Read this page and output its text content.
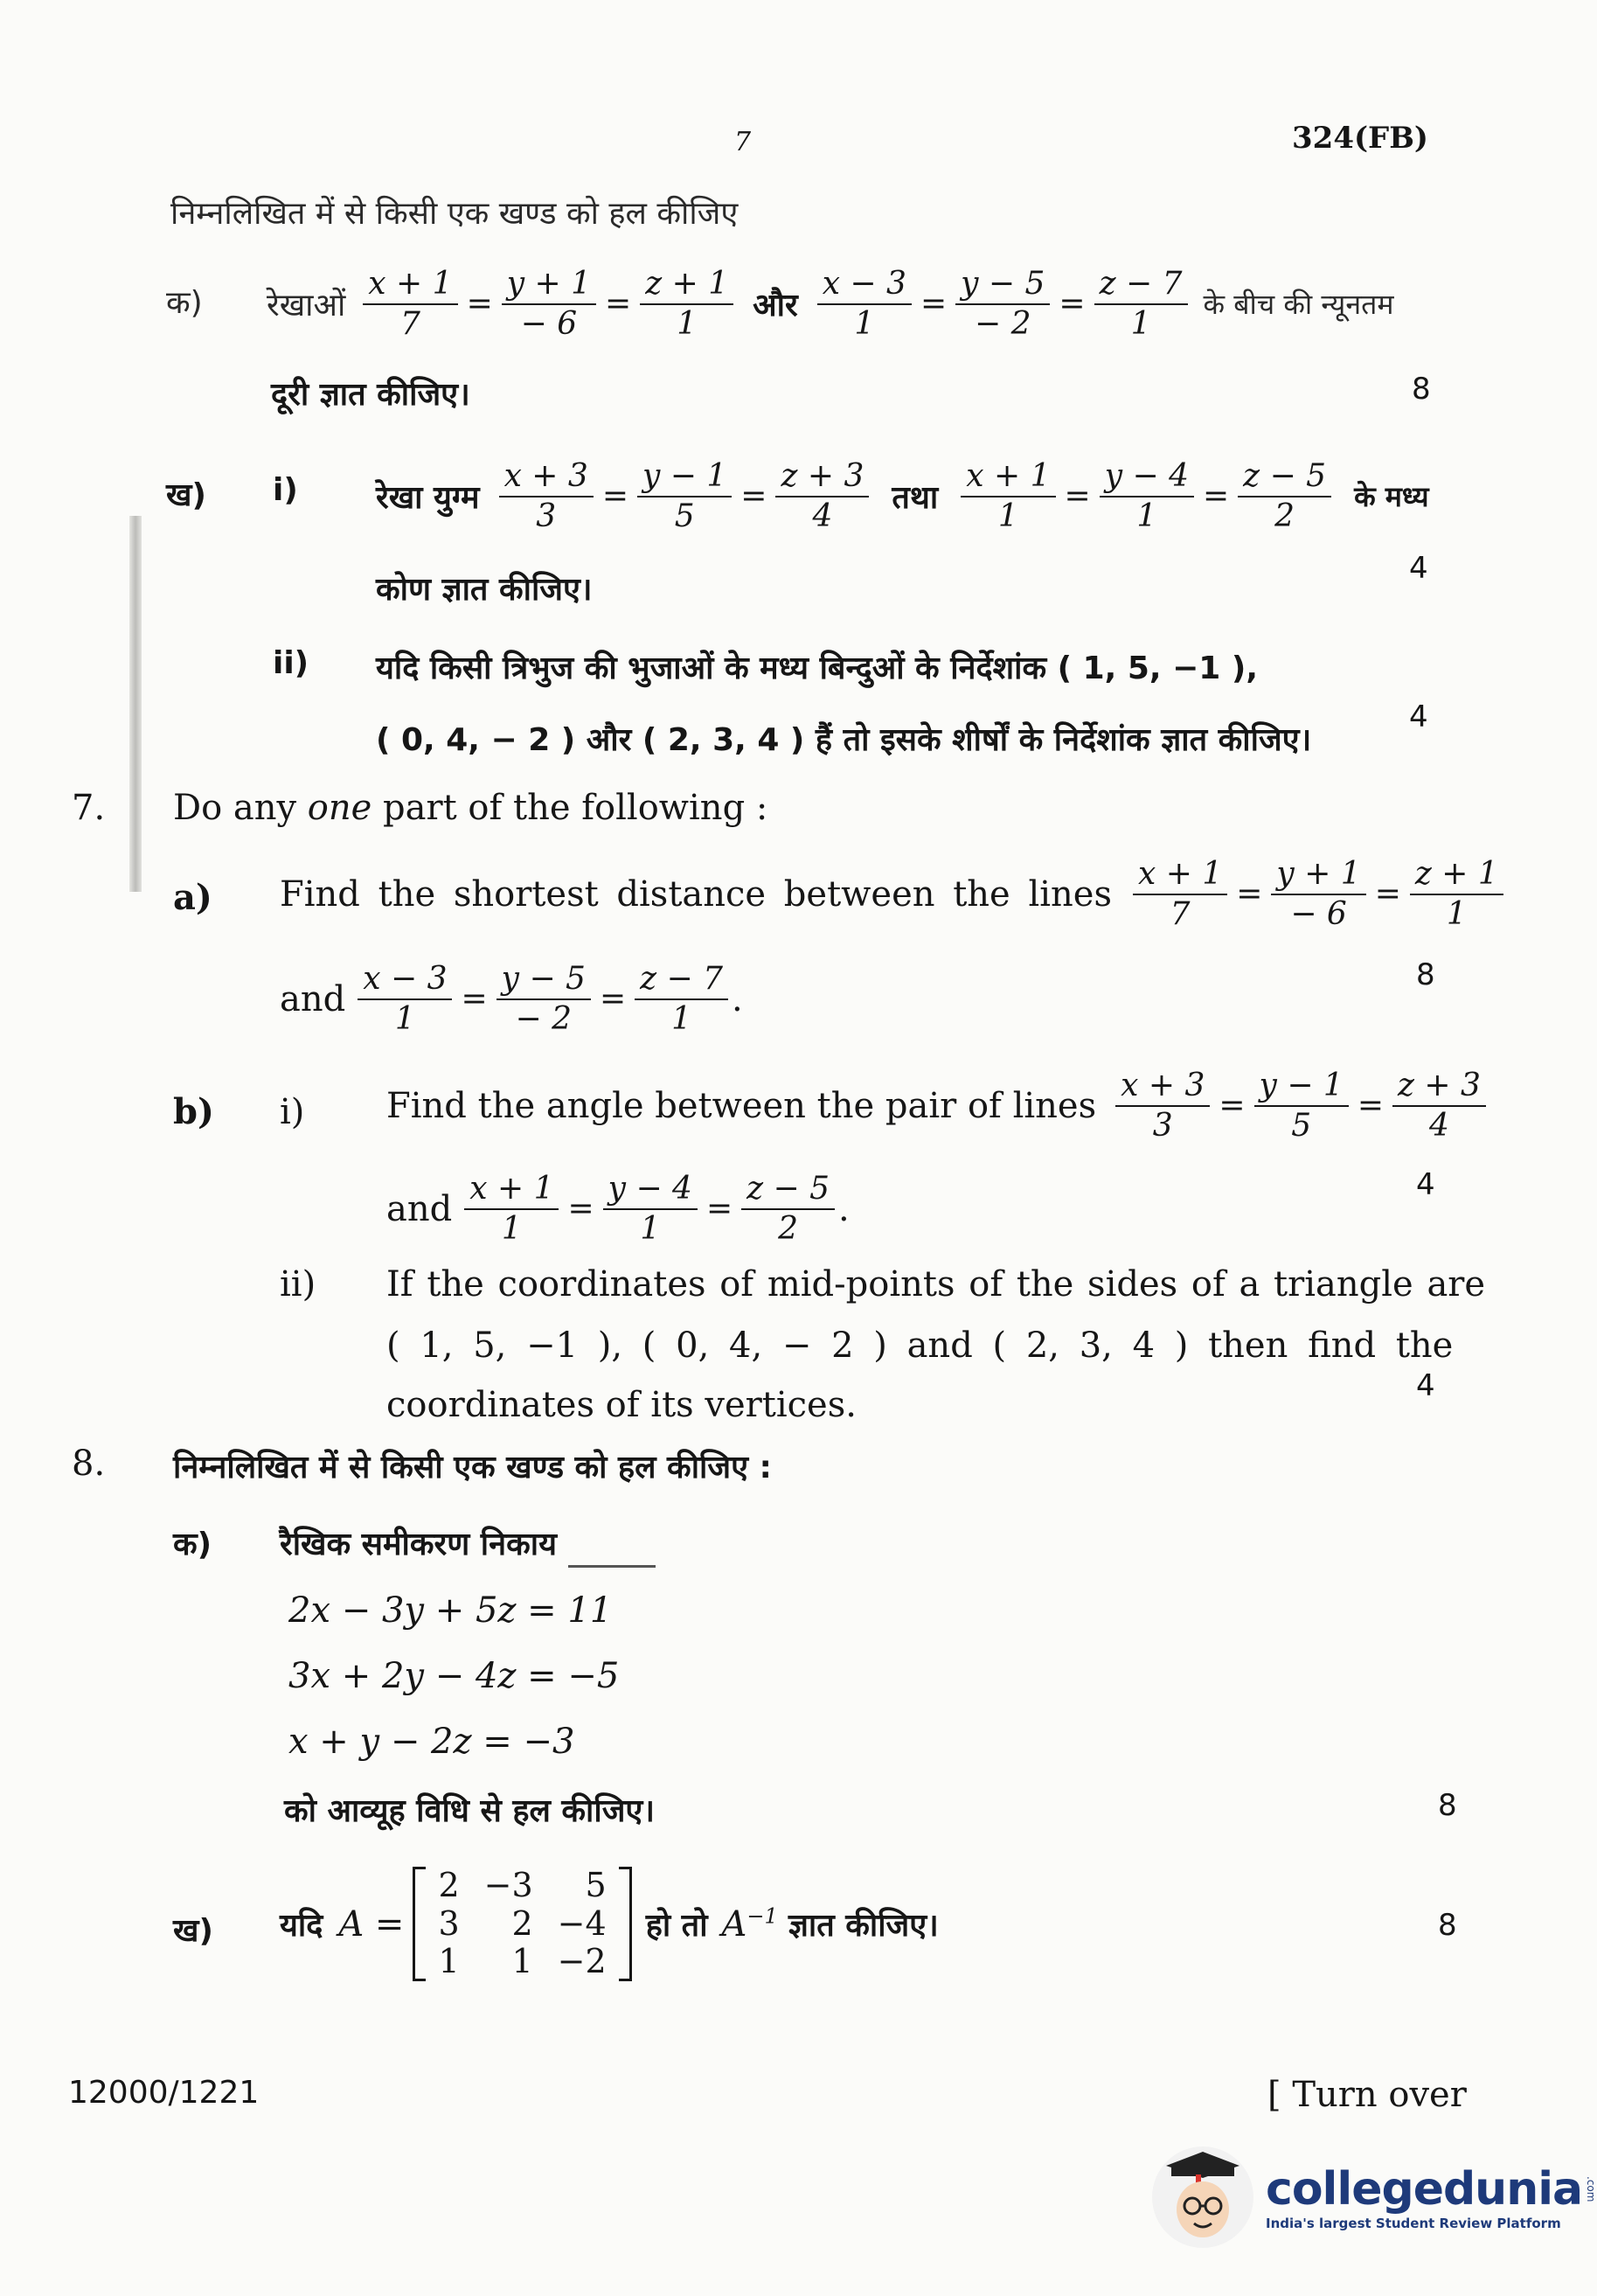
7	324(FB)
निम्नलिखित में से किसी एक खण्ड को हल कीजिए
क) रेखाओं $\frac{x + 1}{7} = \frac{y + 1}{- 6} = \frac{z + 1}{1}$ और $\frac{x - 3}{1} = \frac{y - 5}{- 2} = \frac{z - 7}{1}$ के बीच की न्यूनतम
दूरी ज्ञात कीजिए।	8
ख) i) रेखा युग्म $\frac{x + 3}{3} = \frac{y - 1}{5} = \frac{z + 3}{4}$ तथा $\frac{x + 1}{1} = \frac{y - 4}{1} = \frac{z - 5}{2}$ के मध्य
कोण ज्ञात कीजिए।
4
ii) यदि किसी त्रिभुज की भुजाओं के मध्य बिन्दुओं के निर्देशांक ( 1, 5, −1 ),
( 0, 4, − 2 ) और ( 2, 3, 4 ) हैं तो इसके शीर्षों के निर्देशांक ज्ञात कीजिए।
4
7. Do any one part of the following :
a) Find the shortest distance between the lines $\frac{x + 1}{7} = \frac{y + 1}{- 6} = \frac{z + 1}{1}$
and $\frac{x - 3}{1} = \frac{y - 5}{- 2} = \frac{z - 7}{1}$ .
8
b) i) Find the angle between the pair of lines $\frac{x + 3}{3} = \frac{y - 1}{5} = \frac{z + 3}{4}$
and $\frac{x + 1}{1} = \frac{y - 4}{1} = \frac{z - 5}{2}$ .
4
ii) If the coordinates of mid-points of the sides of a triangle are
( 1, 5, −1 ), ( 0, 4, − 2 ) and ( 2, 3, 4 ) then find the
coordinates of its vertices.	4
8. निम्नलिखित में से किसी एक खण्ड को हल कीजिए :
क) रैखिक समीकरण निकाय
2x − 3y + 5z = 11
3x + 2y − 4z = −5
x + y − 2z = −3
को आव्यूह विधि से हल कीजिए।	8
ख) यदि A =
2	−3	5
3	2	−4
1	1	−2
हो तो $A^{-1}$ ज्ञात कीजिए।	8
12000/1221	[ Turn over
collegedunia .com
India's largest Student Review Platform
